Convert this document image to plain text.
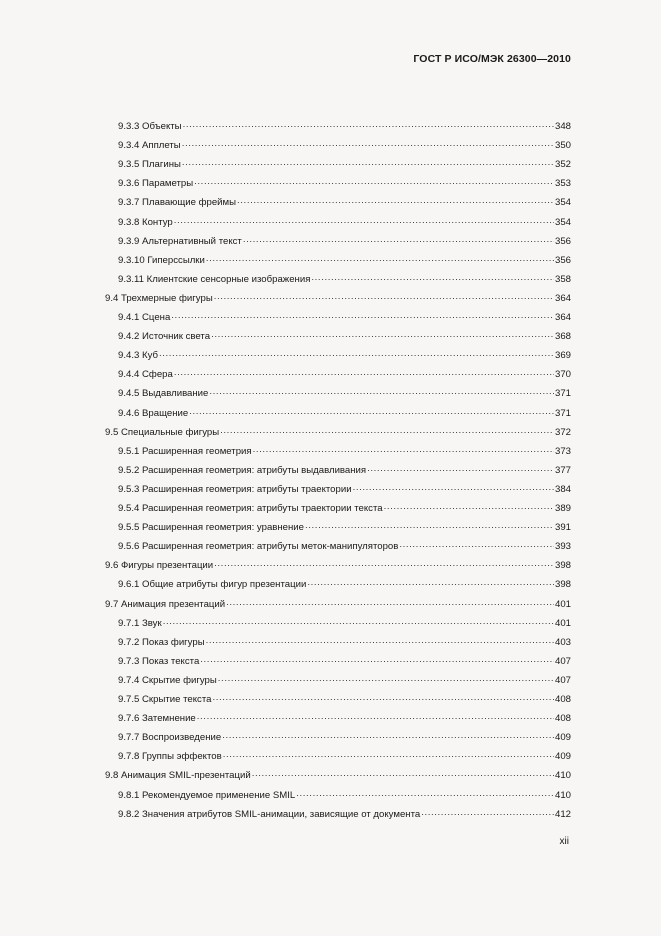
ГОСТ Р ИСО/МЭК 26300—2010
9.3.3 Объекты .....	348
9.3.4 Апплеты .....	350
9.3.5 Плагины .....	352
9.3.6 Параметры .....	353
9.3.7 Плавающие фреймы .....	354
9.3.8 Контур .....	354
9.3.9 Альтернативный текст .....	356
9.3.10 Гиперссылки .....	356
9.3.11 Клиентские сенсорные изображения .....	358
9.4 Трехмерные фигуры .....	364
9.4.1 Сцена .....	364
9.4.2 Источник света .....	368
9.4.3 Куб .....	369
9.4.4 Сфера .....	370
9.4.5 Выдавливание .....	371
9.4.6 Вращение .....	371
9.5 Специальные фигуры .....	372
9.5.1 Расширенная геометрия .....	373
9.5.2 Расширенная геометрия: атрибуты выдавливания .....	377
9.5.3 Расширенная геометрия: атрибуты траектории .....	384
9.5.4 Расширенная геометрия: атрибуты траектории текста .....	389
9.5.5 Расширенная геометрия: уравнение .....	391
9.5.6 Расширенная геометрия: атрибуты меток-манипуляторов .....	393
9.6 Фигуры презентации .....	398
9.6.1 Общие атрибуты фигур презентации .....	398
9.7 Анимация презентаций .....	401
9.7.1 Звук .....	401
9.7.2 Показ фигуры .....	403
9.7.3 Показ текста .....	407
9.7.4 Скрытие фигуры .....	407
9.7.5 Скрытие текста .....	408
9.7.6 Затемнение .....	408
9.7.7 Воспроизведение .....	409
9.7.8 Группы эффектов .....	409
9.8 Анимация SMIL-презентаций .....	410
9.8.1 Рекомендуемое применение SMIL .....	410
9.8.2 Значения атрибутов SMIL-анимации, зависящие от документа .....	412
xii
